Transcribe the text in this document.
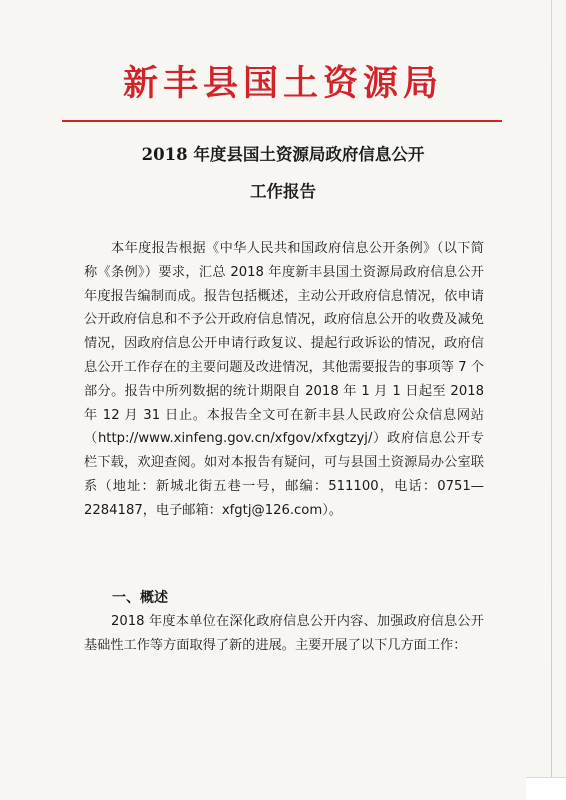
新丰县国土资源局
2018 年度县国土资源局政府信息公开
工作报告
本年度报告根据《中华人民共和国政府信息公开条例》（以下简称《条例》）要求，汇总 2018 年度新丰县国土资源局政府信息公开年度报告编制而成。报告包括概述，主动公开政府信息情况，依申请公开政府信息和不予公开政府信息情况，政府信息公开的收费及减免情况，因政府信息公开申请行政复议、提起行政诉讼的情况，政府信息公开工作存在的主要问题及改进情况，其他需要报告的事项等 7 个部分。报告中所列数据的统计期限自 2018 年 1 月 1 日起至 2018 年 12 月 31 日止。本报告全文可在新丰县人民政府公众信息网站（http://www.xinfeng.gov.cn/xfgov/xfxgtzyj/）政府信息公开专栏下载，欢迎查阅。如对本报告有疑问，可与县国土资源局办公室联系（地址：新城北街五巷一号，邮编：511100，电话：0751—2284187，电子邮箱：xfgtj@126.com）。
一、概述
2018 年度本单位在深化政府信息公开内容、加强政府信息公开基础性工作等方面取得了新的进展。主要开展了以下几方面工作：
